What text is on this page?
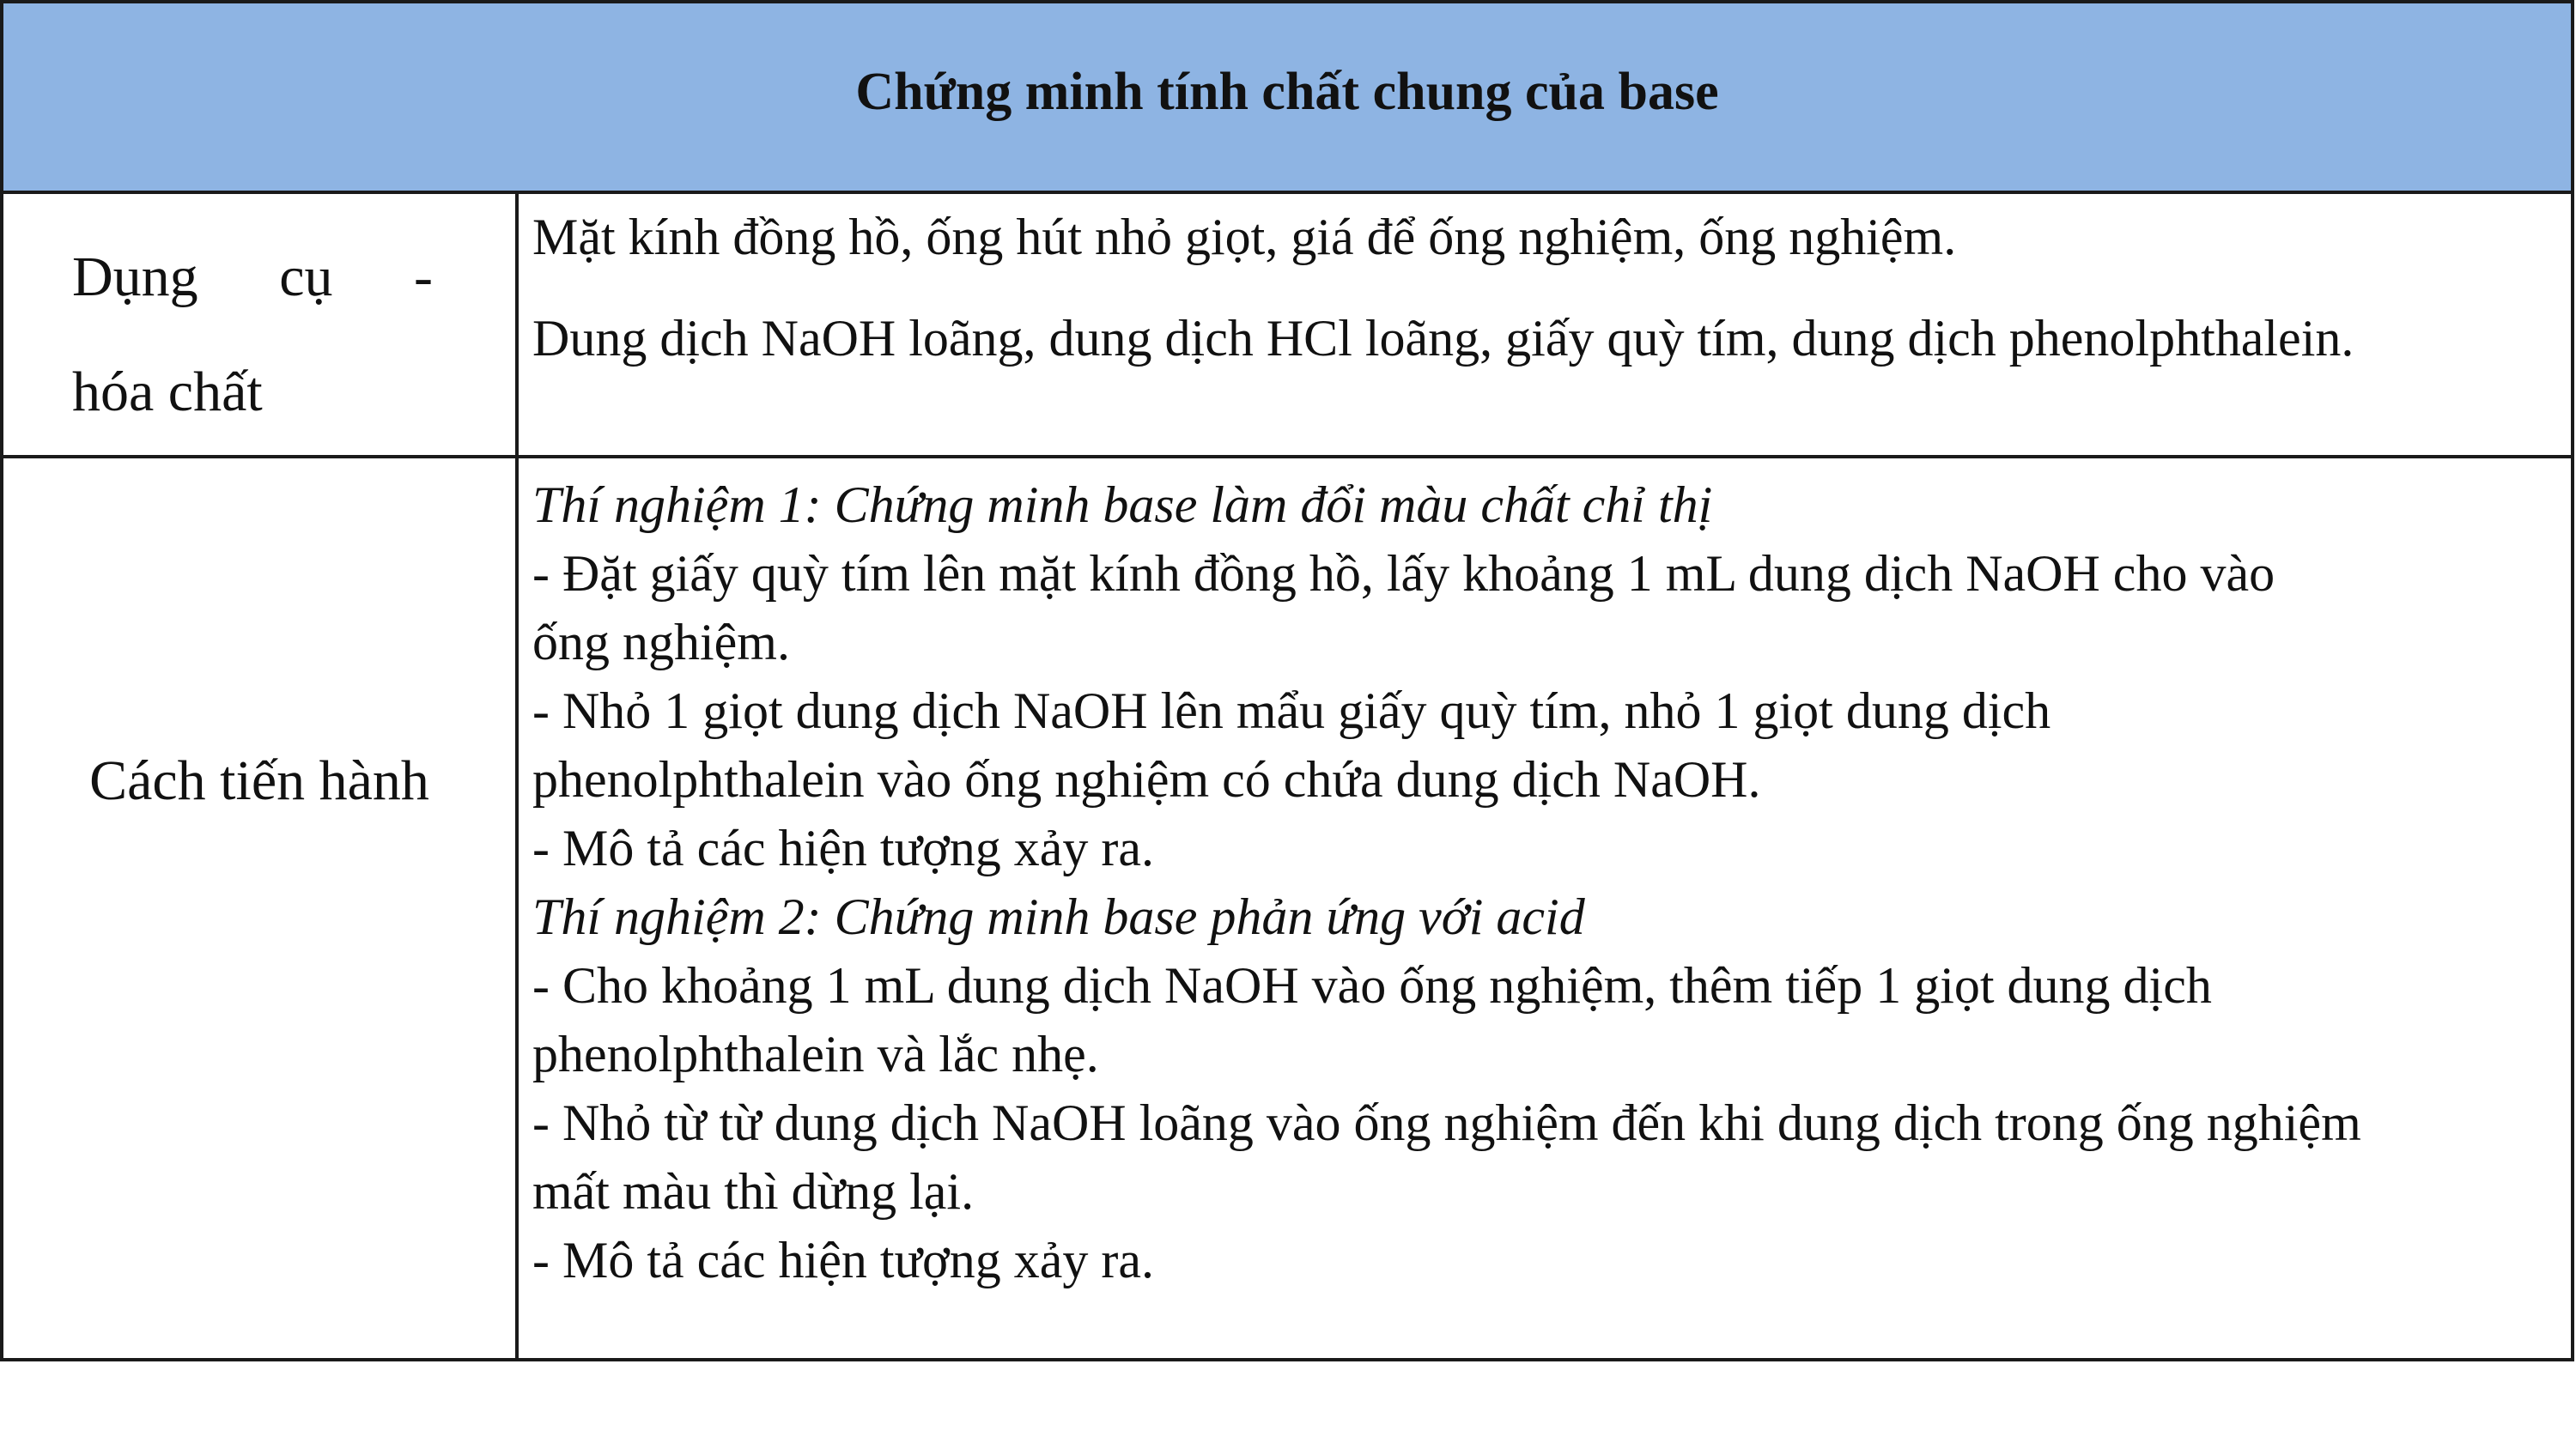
Chứng minh tính chất chung của base
Dụng cụ -
hóa chất

Mặt kính đồng hồ, ống hút nhỏ giọt, giá để ống nghiệm, ống nghiệm.

Dung dịch NaOH loãng, dung dịch HCl loãng, giấy quỳ tím, dung dịch phenolphthalein.

Cách tiến hành
Thí nghiệm 1: Chứng minh base làm đổi màu chất chỉ thị
- Đặt giấy quỳ tím lên mặt kính đồng hồ, lấy khoảng 1 mL dung dịch NaOH cho vào
ống nghiệm.
- Nhỏ 1 giọt dung dịch NaOH lên mẩu giấy quỳ tím, nhỏ 1 giọt dung dịch
phenolphthalein vào ống nghiệm có chứa dung dịch NaOH.
- Mô tả các hiện tượng xảy ra.
Thí nghiệm 2: Chứng minh base phản ứng với acid
- Cho khoảng 1 mL dung dịch NaOH vào ống nghiệm, thêm tiếp 1 giọt dung dịch
phenolphthalein và lắc nhẹ.
- Nhỏ từ từ dung dịch NaOH loãng vào ống nghiệm đến khi dung dịch trong ống nghiệm
mất màu thì dừng lại.
- Mô tả các hiện tượng xảy ra.
